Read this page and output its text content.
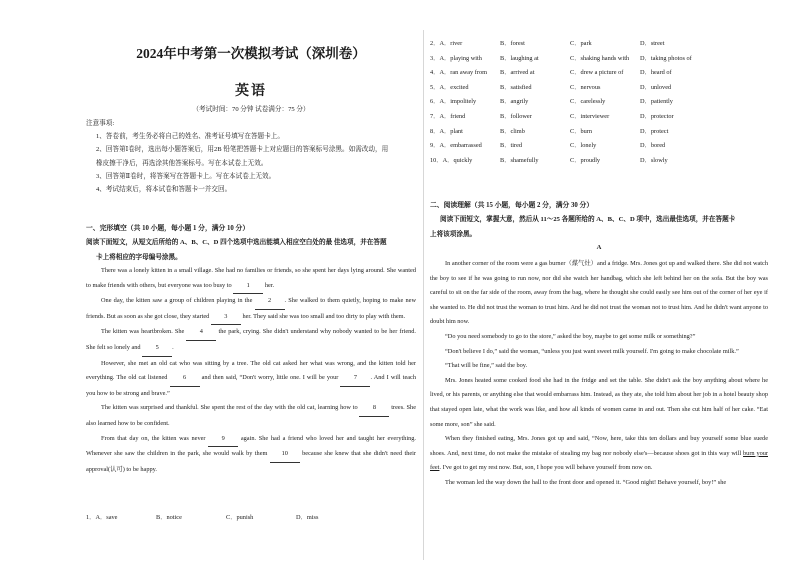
2024年中考第一次模拟考试（深圳卷）
英语
（考试时间：70 分钟 试卷满分：75 分）

注意事项:

1、答卷前，考生务必将自己的姓名、准考证号填写在答题卡上。

2、回答第Ⅰ卷时，选出每小题答案后，用2B 铅笔把答题卡上对应题目的答案标号涂黑。如需改动，用

橡皮擦干净后，再选涂其他答案标号。写在本试卷上无效。

3、回答第Ⅱ卷时，将答案写在答题卡上。写在本试卷上无效。

4、考试结束后，将本试卷和答题卡一并交回。

一、完形填空（共 10 小题，每小题 1 分，满分 10 分）
阅读下面短文，从短文后所给的 A、B、C、D 四个选项中选出能填入相应空白处的最 佳选项，并在答题
卡上将相应的字母编号涂黑。

There was a lonely kitten in a small village. She had no families or friends, so she spent her days lying around. She wanted to make friends with others, but everyone was too busy to 1 her.

One day, the kitten saw a group of children playing in the 2 . She walked to them quietly, hoping to make new friends. But as soon as she got close, they started 3 her. They said she was too small and too dirty to play with them.

The kitten was heartbroken. She 4 the park, crying. She didn't understand why nobody wanted to be her friend. She felt so lonely and 5 .

However, she met an old cat who was sitting by a tree. The old cat asked her what was wrong, and the kitten told her everything. The old cat listened 6 and then said, “Don't worry, little one. I will be your 7 . And I will teach you how to be strong and brave.”

The kitten was surprised and thankful. She spent the rest of the day with the old cat, learning how to 8 trees. She also learned how to be confident.

From that day on, the kitten was never 9 again. She had a friend who loved her and taught her everything. Whenever she saw the children in the park, she would walk by them 10 because she knew that she didn't need their approval(认可) to be happy.

1．A．save	B．notice	C．punish	D．miss
2．A．river	B．forest	C．park	D．street
3．A．playing with	B．laughing at	C．shaking hands with D．taking photos of
4．A．ran away from B．arrived at	C．drew a picture of	D．heard of
5．A．excited	B．satisfied	C．nervous	D．unloved
6．A．impolitely	B．angrily	C．carelessly	D．patiently
7．A．friend	B．follower	C．interviewer	D．protector
8．A．plant	B．climb	C．burn	D．protect
9．A．embarrassed	B．tired	C．lonely	D．bored
10．A．quickly	B．shamefully	C．proudly	D．slowly
二、阅读理解（共 15 小题，每小题 2 分，满分 30 分）
阅读下面短文，掌握大意，然后从 11～25 各题所给的 A、B、C、D 项中，选出最佳选项，并在答题卡
上将该项涂黑。
A

In another corner of the room were a gas burner（煤气灶）and a fridge. Mrs. Jones got up and walked there. She did not watch the boy to see if he was going to run now, nor did she watch her handbag, which she left behind her on the sofa. But the boy was careful to sit on the far side of the room, away from the bag, where he thought she could easily see him out of the corner of her eye if she wanted to. He did not trust the woman to trust him. And he did not trust the woman not to trust him. And he didn't want anyone to doubt him now.

“Do you need somebody to go to the store,” asked the boy, maybe to get some milk or something?”

“Don't believe I do,” said the woman, “unless you just want sweet milk yourself. I'm going to make chocolate milk.”

“That will be fine,” said the boy.

Mrs. Jones heated some cooked food she had in the fridge and set the table. She didn't ask the boy anything about where he lived, or his parents, or anything else that would embarrass him. Instead, as they ate, she told him about her job in a hotel beauty shop that stayed open late, what the work was like, and how all kinds of women came in and out. Then she cut him half of her cake. “Eat some more, son” she said.

When they finished eating, Mrs. Jones got up and said, “Now, here, take this ten dollars and buy yourself some blue suede shoes. And, next time, do not make the mistake of stealing my bag nor nobody else's—because shoes got in this way will burn your feet. I've got to get my rest now. But, son, I hope you will behave yourself from now on.

The woman led the way down the hall to the front door and opened it. “Good night! Behave yourself, boy!” she
